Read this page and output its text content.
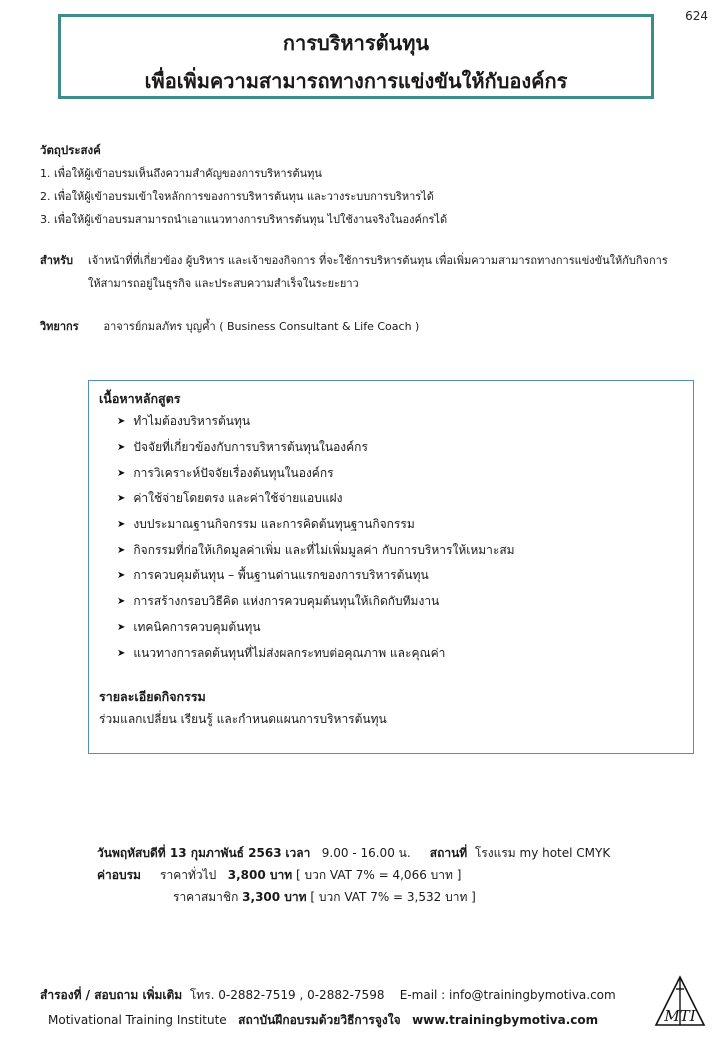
624
การบริหารต้นทุน
เพื่อเพิ่มความสามารถทางการแข่งขันให้กับองค์กร
วัตถุประสงค์
1. เพื่อให้ผู้เข้าอบรมเห็นถึงความสำคัญของการบริหารต้นทุน
2. เพื่อให้ผู้เข้าอบรมเข้าใจหลักการของการบริหารต้นทุน และวางระบบการบริหารได้
3. เพื่อให้ผู้เข้าอบรมสามารถนำเอาแนวทางการบริหารต้นทุน ไปใช้งานจริงในองค์กรได้
สำหรับ เจ้าหน้าที่ที่เกี่ยวข้อง ผู้บริหาร และเจ้าของกิจการ ที่จะใช้การบริหารต้นทุน เพื่อเพิ่มความสามารถทางการแข่งขันให้กับกิจการ
ให้สามารถอยู่ในธุรกิจ และประสบความสำเร็จในระยะยาว
วิทยากร อาจารย์กมลภัทร บุญค้ำ ( Business Consultant & Life Coach )
เนื้อหาหลักสูตร
➤ ทำไมต้องบริหารต้นทุน
➤ ปัจจัยที่เกี่ยวข้องกับการบริหารต้นทุนในองค์กร
➤ การวิเคราะห์ปัจจัยเรื่องต้นทุนในองค์กร
➤ ค่าใช้จ่ายโดยตรง และค่าใช้จ่ายแอบแฝง
➤ งบประมาณฐานกิจกรรม และการคิดต้นทุนฐานกิจกรรม
➤ กิจกรรมที่ก่อให้เกิดมูลค่าเพิ่ม และที่ไม่เพิ่มมูลค่า กับการบริหารให้เหมาะสม
➤ การควบคุมต้นทุน – พื้นฐานด่านแรกของการบริหารต้นทุน
➤ การสร้างกรอบวิธีคิด แห่งการควบคุมต้นทุนให้เกิดกับทีมงาน
➤ เทคนิคการควบคุมต้นทุน
➤ แนวทางการลดต้นทุนที่ไม่ส่งผลกระทบต่อคุณภาพ และคุณค่า
รายละเอียดกิจกรรม
ร่วมแลกเปลี่ยน เรียนรู้ และกำหนดแผนการบริหารต้นทุน
วันพฤหัสบดีที่ 13 กุมภาพันธ์ 2563 เวลา 9.00 - 16.00 น. สถานที่ โรงแรม my hotel CMYK
ค่าอบรม ราคาทั่วไป 3,800 บาท [ บวก VAT 7% = 4,066 บาท ]
ราคาสมาชิก 3,300 บาท [ บวก VAT 7% = 3,532 บาท ]
สำรองที่ / สอบถาม เพิ่มเติม โทร. 0-2882-7519 , 0-2882-7598 E-mail : info@trainingbymotiva.com
Motivational Training Institute สถาบันฝึกอบรมด้วยวิธีการจูงใจ www.trainingbymotiva.com	MTI
